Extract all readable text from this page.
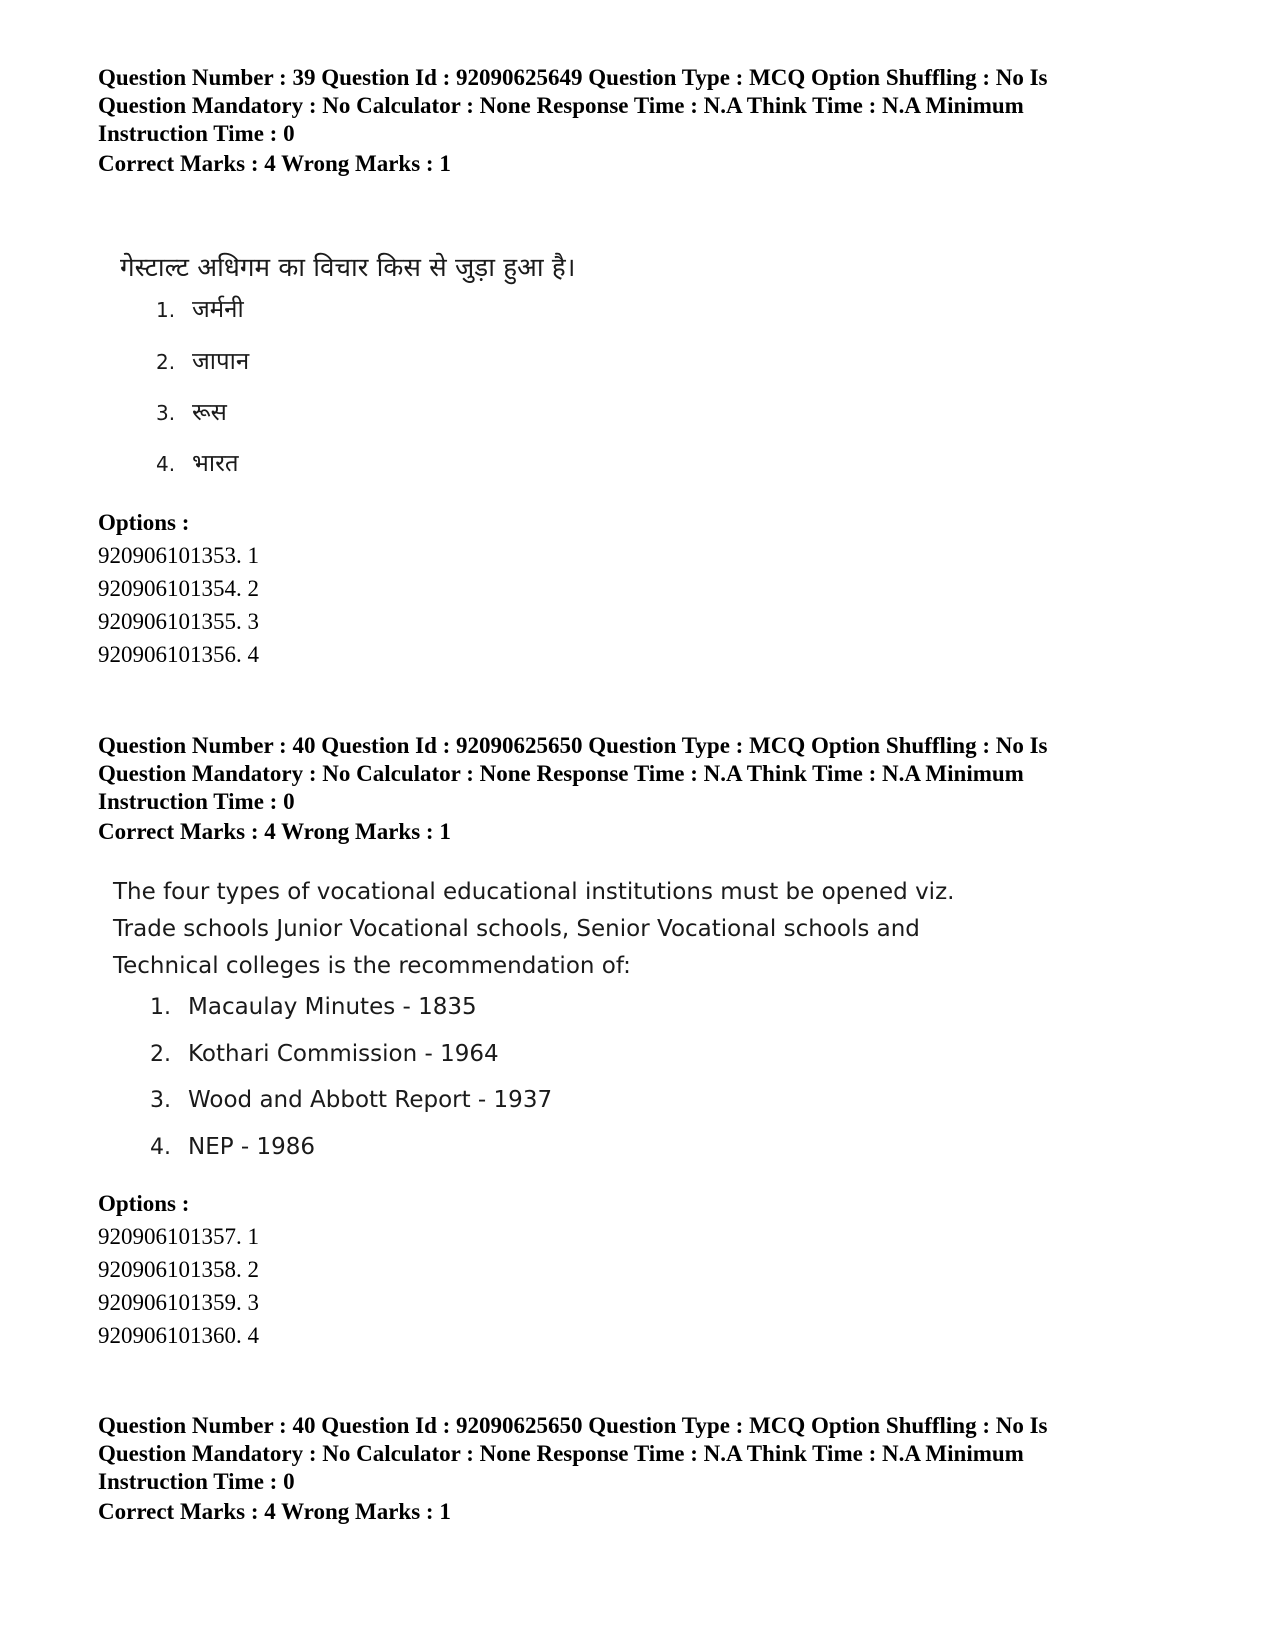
Question Number : 39 Question Id : 92090625649 Question Type : MCQ Option Shuffling : No Is
Question Mandatory : No Calculator : None Response Time : N.A Think Time : N.A Minimum
Instruction Time : 0
Correct Marks : 4 Wrong Marks : 1
गेस्टाल्ट अधिगम का विचार किस से जुड़ा हुआ है।
1. जर्मनी
2. जापान
3. रूस
4. भारत
Options :
920906101353. 1
920906101354. 2
920906101355. 3
920906101356. 4
Question Number : 40 Question Id : 92090625650 Question Type : MCQ Option Shuffling : No Is
Question Mandatory : No Calculator : None Response Time : N.A Think Time : N.A Minimum
Instruction Time : 0
Correct Marks : 4 Wrong Marks : 1
The four types of vocational educational institutions must be opened viz.
Trade schools Junior Vocational schools, Senior Vocational schools and
Technical colleges is the recommendation of:
1. Macaulay Minutes - 1835
2. Kothari Commission - 1964
3. Wood and Abbott Report - 1937
4. NEP - 1986
Options :
920906101357. 1
920906101358. 2
920906101359. 3
920906101360. 4
Question Number : 40 Question Id : 92090625650 Question Type : MCQ Option Shuffling : No Is
Question Mandatory : No Calculator : None Response Time : N.A Think Time : N.A Minimum
Instruction Time : 0
Correct Marks : 4 Wrong Marks : 1
